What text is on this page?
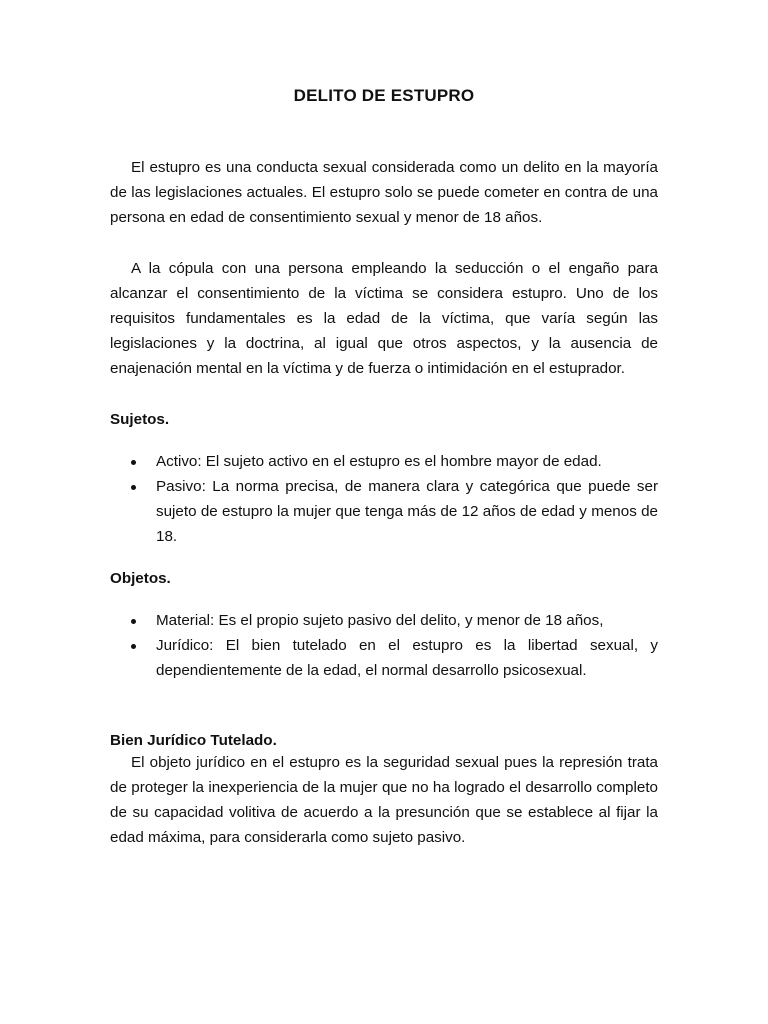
DELITO DE ESTUPRO

El estupro es una conducta sexual considerada como un delito en la mayoría de las legislaciones actuales. El estupro solo se puede cometer en contra de una persona en edad de consentimiento sexual y menor de 18 años.

A la cópula con una persona empleando la seducción o el engaño para alcanzar el consentimiento de la víctima se considera estupro. Uno de los requisitos fundamentales es la edad de la víctima, que varía según las legislaciones y la doctrina, al igual que otros aspectos, y la ausencia de enajenación mental en la víctima y de fuerza o intimidación en el estuprador.

Sujetos.

Activo: El sujeto activo en el estupro es el hombre mayor de edad.
Pasivo: La norma precisa, de manera clara y categórica que puede ser sujeto de estupro la mujer que tenga más de 12 años de edad y menos de 18.

Objetos.

Material: Es el propio sujeto pasivo del delito, y menor de 18 años,
Jurídico: El bien tutelado en el estupro es la libertad sexual, y dependientemente de la edad, el normal desarrollo psicosexual.

Bien Jurídico Tutelado.

El objeto jurídico en el estupro es la seguridad sexual pues la represión trata de proteger la inexperiencia de la mujer que no ha logrado el desarrollo completo de su capacidad volitiva de acuerdo a la presunción que se establece al fijar la edad máxima, para considerarla como sujeto pasivo.
